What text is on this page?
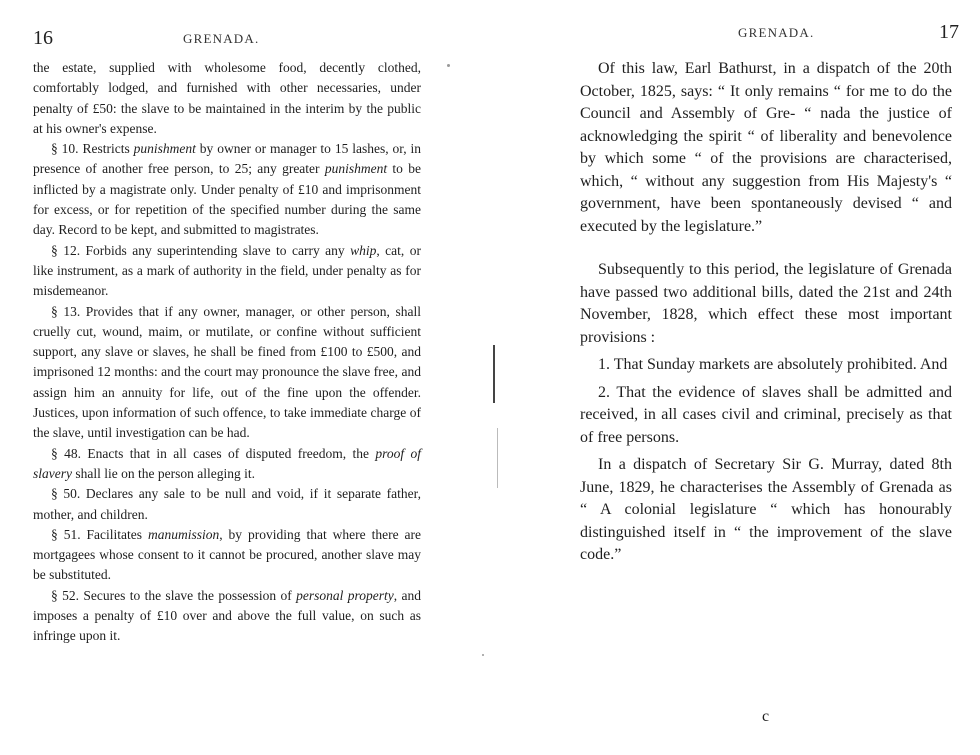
16	GRENADA.

the estate, supplied with wholesome food, decently clothed, comfortably lodged, and furnished with other necessaries, under penalty of £50: the slave to be maintained in the interim by the public at his owner's expense.

§ 10. Restricts punishment by owner or manager to 15 lashes, or, in presence of another free person, to 25; any greater punishment to be inflicted by a magistrate only. Under penalty of £10 and imprisonment for excess, or for repetition of the specified number during the same day. Record to be kept, and submitted to magistrates.

§ 12. Forbids any superintending slave to carry any whip, cat, or like instrument, as a mark of authority in the field, under penalty as for misdemeanor.

§ 13. Provides that if any owner, manager, or other person, shall cruelly cut, wound, maim, or mutilate, or confine without sufficient support, any slave or slaves, he shall be fined from £100 to £500, and imprisoned 12 months: and the court may pronounce the slave free, and assign him an annuity for life, out of the fine upon the offender. Justices, upon information of such offence, to take immediate charge of the slave, until investigation can be had.

§ 48. Enacts that in all cases of disputed freedom, the proof of slavery shall lie on the person alleging it.

§ 50. Declares any sale to be null and void, if it separate father, mother, and children.

§ 51. Facilitates manumission, by providing that where there are mortgagees whose consent to it cannot be procured, another slave may be substituted.

§ 52. Secures to the slave the possession of personal property, and imposes a penalty of £10 over and above the full value, on such as infringe upon it.

GRENADA.	17

Of this law, Earl Bathurst, in a dispatch of the 20th October, 1825, says: “ It only remains “ for me to do the Council and Assembly of Gre- “ nada the justice of acknowledging the spirit “ of liberality and benevolence by which some “ of the provisions are characterised, which, “ without any suggestion from His Majesty's “ government, have been spontaneously devised “ and executed by the legislature.”

Subsequently to this period, the legislature of Grenada have passed two additional bills, dated the 21st and 24th November, 1828, which effect these most important provisions :

1. That Sunday markets are absolutely prohibited. And

2. That the evidence of slaves shall be admitted and received, in all cases civil and criminal, precisely as that of free persons.

In a dispatch of Secretary Sir G. Murray, dated 8th June, 1829, he characterises the Assembly of Grenada as “ A colonial legislature “ which has honourably distinguished itself in “ the improvement of the slave code.”

c
